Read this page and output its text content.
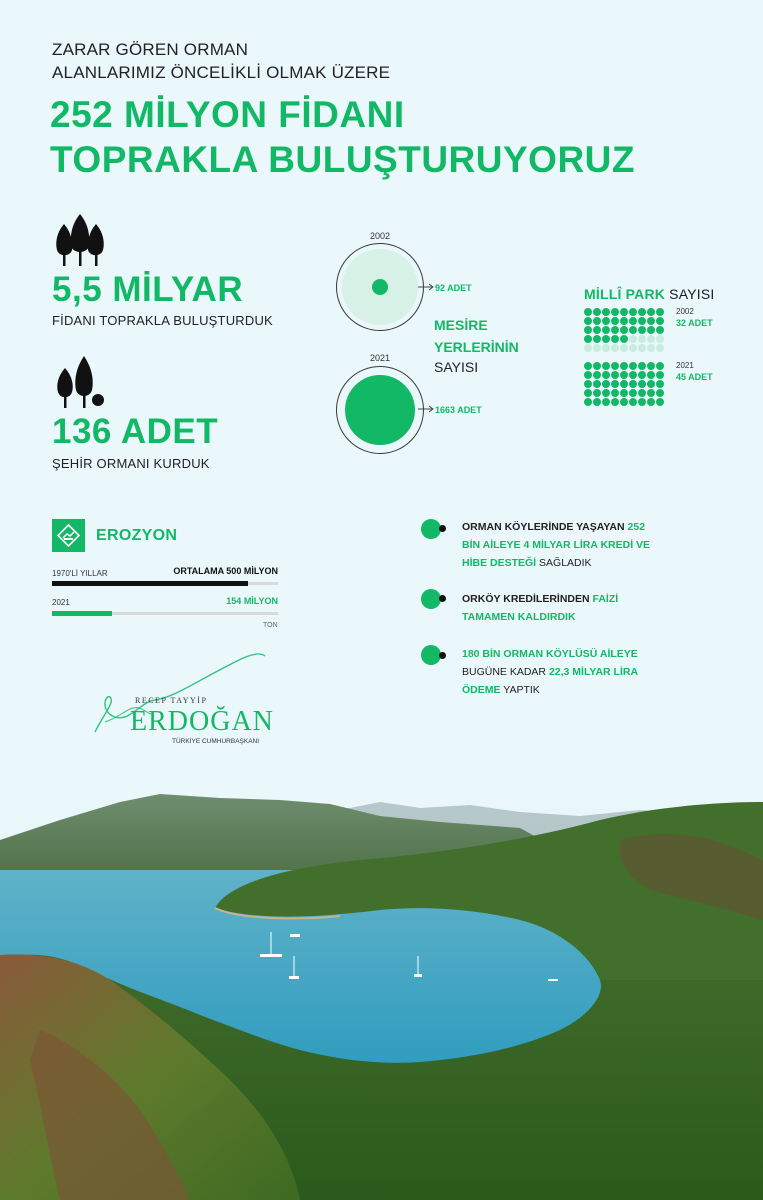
ZARAR GÖREN ORMAN
ALANLARIMIZ ÖNCELİKLİ OLMAK ÜZERE
252 MİLYON FİDANI
TOPRAKLA BULUŞTURUYORUZ
5,5 MİLYAR
FİDANI TOPRAKLA BULUŞTURDUK
136 ADET
ŞEHİR ORMANI KURDUK
2002
92 ADET
MESİRE
YERLERİNİN
SAYISI
2021
1663 ADET
MİLLÎ PARK SAYISI
2002
32 ADET
2021
45 ADET
EROZYON
1970'Lİ YILLAR	ORTALAMA 500 MİLYON
2021	154 MİLYON
TON
ORMAN KÖYLERİNDE YAŞAYAN 252 BİN AİLEYE 4 MİLYAR LİRA KREDİ VE
HİBE DESTEĞİ SAĞLADIK
ORKÖY KREDİLERİNDEN FAİZİ
TAMAMEN KALDIRDIK
180 BİN ORMAN KÖYLÜSÜ AİLEYE
BUGÜNE KADAR 22,3 MİLYAR LİRA
ÖDEME YAPTIK
RECEP TAYYİP
ERDOĞAN
TÜRKİYE CUMHURBAŞKANI
